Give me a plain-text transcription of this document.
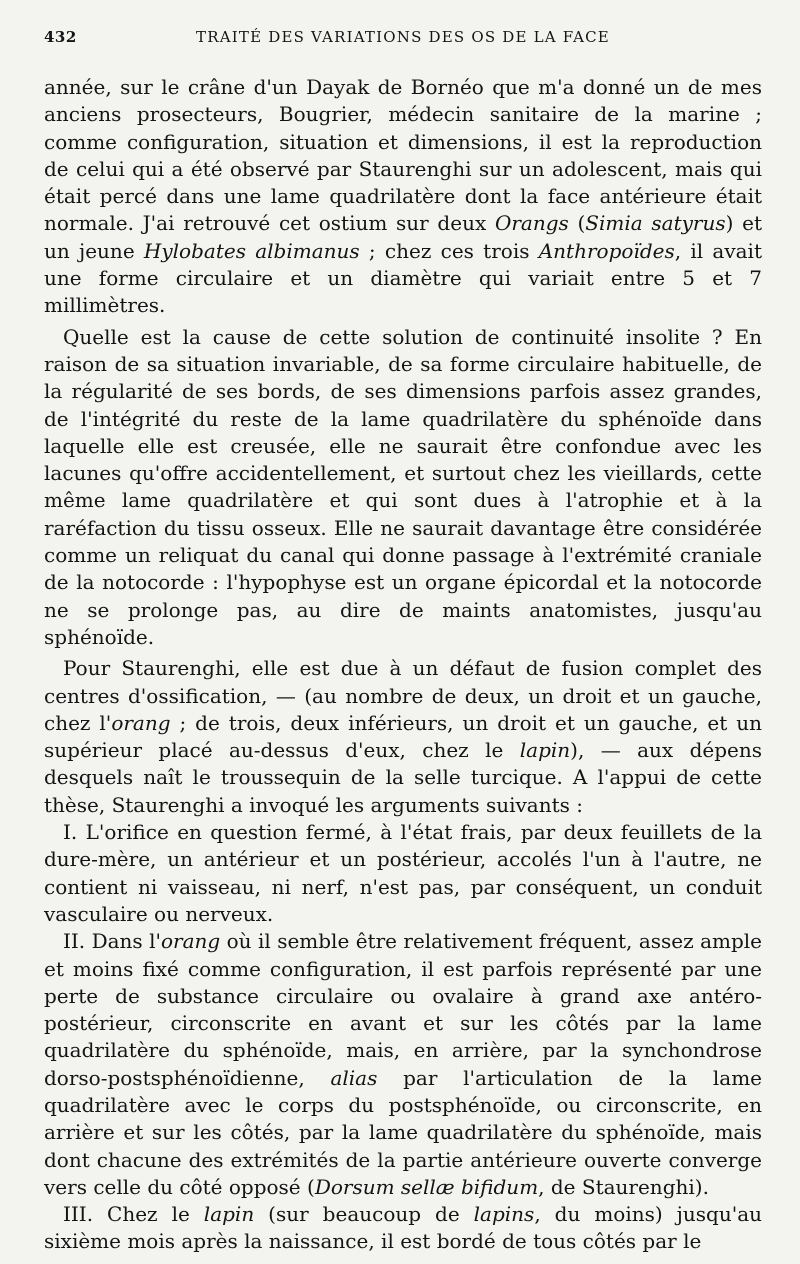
432	TRAITÉ DES VARIATIONS DES OS DE LA FACE

année, sur le crâne d'un Dayak de Bornéo que m'a donné un de mes anciens prosecteurs, Bougrier, médecin sanitaire de la marine ; comme configuration, situation et dimensions, il est la reproduction de celui qui a été observé par Staurenghi sur un adolescent, mais qui était percé dans une lame quadrilatère dont la face antérieure était normale. J'ai retrouvé cet ostium sur deux Orangs (Simia satyrus) et un jeune Hylobates albimanus ; chez ces trois Anthropoïdes, il avait une forme circulaire et un diamètre qui variait entre 5 et 7 millimètres.

Quelle est la cause de cette solution de continuité insolite ? En raison de sa situation invariable, de sa forme circulaire habituelle, de la régularité de ses bords, de ses dimensions parfois assez grandes, de l'intégrité du reste de la lame quadrilatère du sphénoïde dans laquelle elle est creusée, elle ne saurait être confondue avec les lacunes qu'offre accidentellement, et surtout chez les vieillards, cette même lame quadrilatère et qui sont dues à l'atrophie et à la raréfaction du tissu osseux. Elle ne saurait davantage être considérée comme un reliquat du canal qui donne passage à l'extrémité craniale de la notocorde : l'hypophyse est un organe épicordal et la notocorde ne se prolonge pas, au dire de maints anatomistes, jusqu'au sphénoïde.

Pour Staurenghi, elle est due à un défaut de fusion complet des centres d'ossification, — (au nombre de deux, un droit et un gauche, chez l'orang ; de trois, deux inférieurs, un droit et un gauche, et un supérieur placé au-dessus d'eux, chez le lapin), — aux dépens desquels naît le troussequin de la selle turcique. A l'appui de cette thèse, Staurenghi a invoqué les arguments suivants :

I. L'orifice en question fermé, à l'état frais, par deux feuillets de la dure-mère, un antérieur et un postérieur, accolés l'un à l'autre, ne contient ni vaisseau, ni nerf, n'est pas, par conséquent, un conduit vasculaire ou nerveux.

II. Dans l'orang où il semble être relativement fréquent, assez ample et moins fixé comme configuration, il est parfois représenté par une perte de substance circulaire ou ovalaire à grand axe antéro-postérieur, circonscrite en avant et sur les côtés par la lame quadrilatère du sphénoïde, mais, en arrière, par la synchondrose dorso-postsphénoïdienne, alias par l'articulation de la lame quadrilatère avec le corps du postsphénoïde, ou circonscrite, en arrière et sur les côtés, par la lame quadrilatère du sphénoïde, mais dont chacune des extrémités de la partie antérieure ouverte converge vers celle du côté opposé (Dorsum sellæ bifidum, de Staurenghi).

III. Chez le lapin (sur beaucoup de lapins, du moins) jusqu'au sixième mois après la naissance, il est bordé de tous côtés par le
